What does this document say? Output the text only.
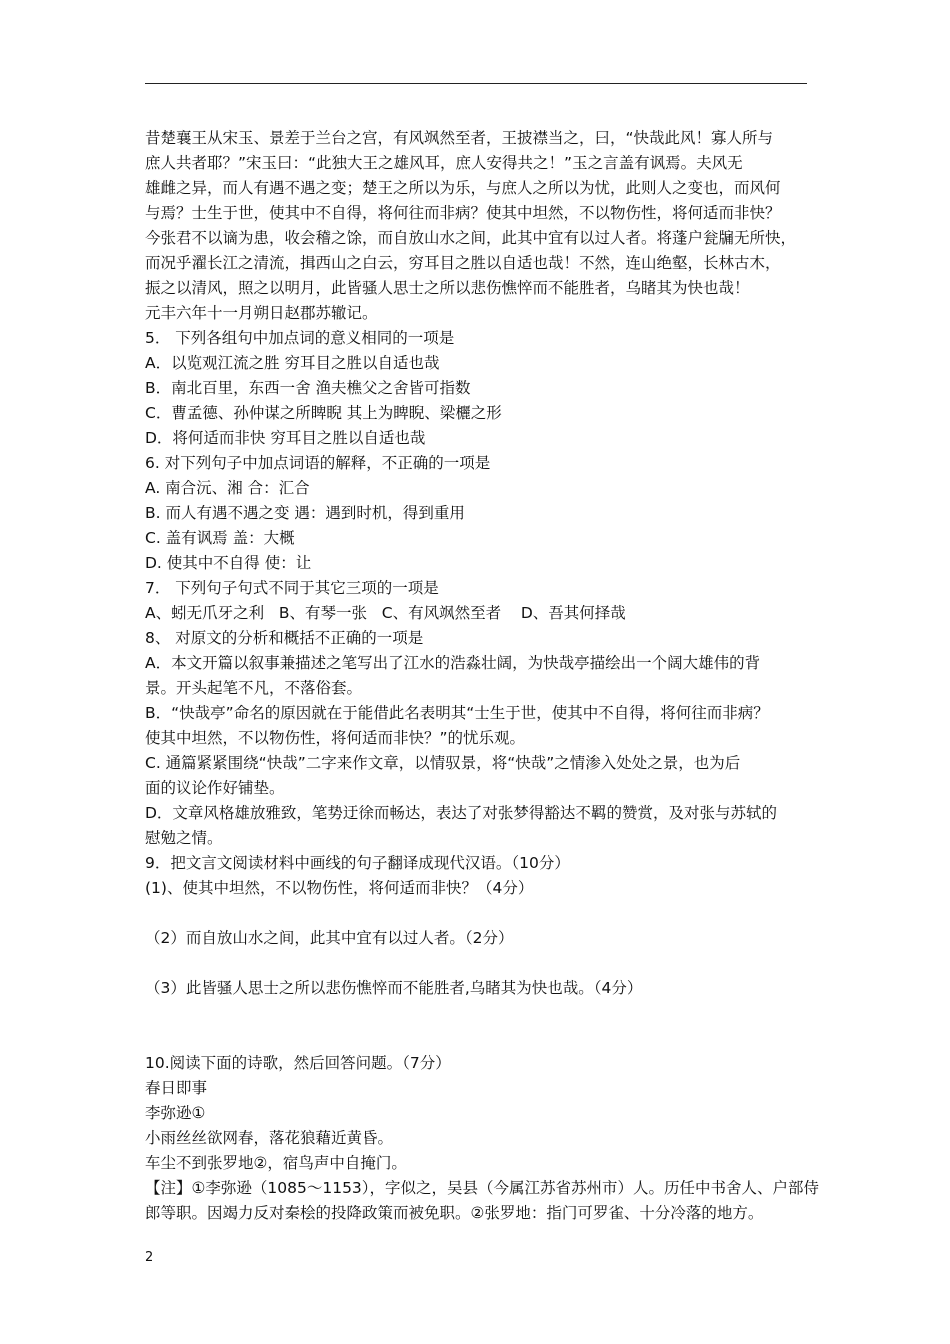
昔楚襄王从宋玉、景差于兰台之宫，有风飒然至者，王披襟当之，曰，“快哉此风！寡人所与
庶人共者耶？”宋玉曰：“此独大王之雄风耳，庶人安得共之！”玉之言盖有讽焉。夫风无
雄雌之异，而人有遇不遇之变；楚王之所以为乐，与庶人之所以为忧，此则人之变也，而风何
与焉？士生于世，使其中不自得，将何往而非病？使其中坦然，不以物伤性，将何适而非快？
今张君不以谪为患，收会稽之馀，而自放山水之间，此其中宜有以过人者。将蓬户瓮牖无所快，
而况乎濯长江之清流，揖西山之白云，穷耳目之胜以自适也哉！不然，连山绝壑，长林古木，
振之以清风，照之以明月，此皆骚人思士之所以悲伤憔悴而不能胜者，乌睹其为快也哉！
元丰六年十一月朔日赵郡苏辙记。
5． 下列各组句中加点词的意义相同的一项是
A．以览观江流之胜 穷耳目之胜以自适也哉
B．南北百里，东西一舍 渔夫樵父之舍皆可指数
C．曹孟德、孙仲谋之所睥睨 其上为睥睨、梁欐之形
D．将何适而非快 穷耳目之胜以自适也哉
6. 对下列句子中加点词语的解释，不正确的一项是
A. 南合沅、湘 合：汇合
B. 而人有遇不遇之变 遇：遇到时机，得到重用
C. 盖有讽焉 盖：大概
D. 使其中不自得 使：让
7． 下列句子句式不同于其它三项的一项是
A、蚓无爪牙之利   B、有琴一张   C、有风飒然至者    D、吾其何择哉
8、 对原文的分析和概括不正确的一项是
A．本文开篇以叙事兼描述之笔写出了江水的浩淼壮阔，为快哉亭描绘出一个阔大雄伟的背
景。开头起笔不凡，不落俗套。
B．“快哉亭”命名的原因就在于能借此名表明其“士生于世，使其中不自得，将何往而非病？
使其中坦然，不以物伤性，将何适而非快？”的忧乐观。
C. 通篇紧紧围绕“快哉”二字来作文章，以情驭景，将“快哉”之情渗入处处之景，也为后
面的议论作好铺垫。
D．文章风格雄放雅致，笔势迂徐而畅达，表达了对张梦得豁达不羁的赞赏，及对张与苏轼的
慰勉之情。
9．把文言文阅读材料中画线的句子翻译成现代汉语。（10分）
(1)、使其中坦然，不以物伤性，将何适而非快？（4分）
（2）而自放山水之间，此其中宜有以过人者。（2分）
（3）此皆骚人思士之所以悲伤憔悴而不能胜者,乌睹其为快也哉。（4分）
10.阅读下面的诗歌，然后回答问题。（7分）
春日即事
李弥逊①
小雨丝丝欲网春，落花狼藉近黄昏。
车尘不到张罗地②，宿鸟声中自掩门。
【注】①李弥逊（1085～1153），字似之，吴县（今属江苏省苏州市）人。历任中书舍人、户部侍
郎等职。因竭力反对秦桧的投降政策而被免职。②张罗地：指门可罗雀、十分冷落的地方。
2
